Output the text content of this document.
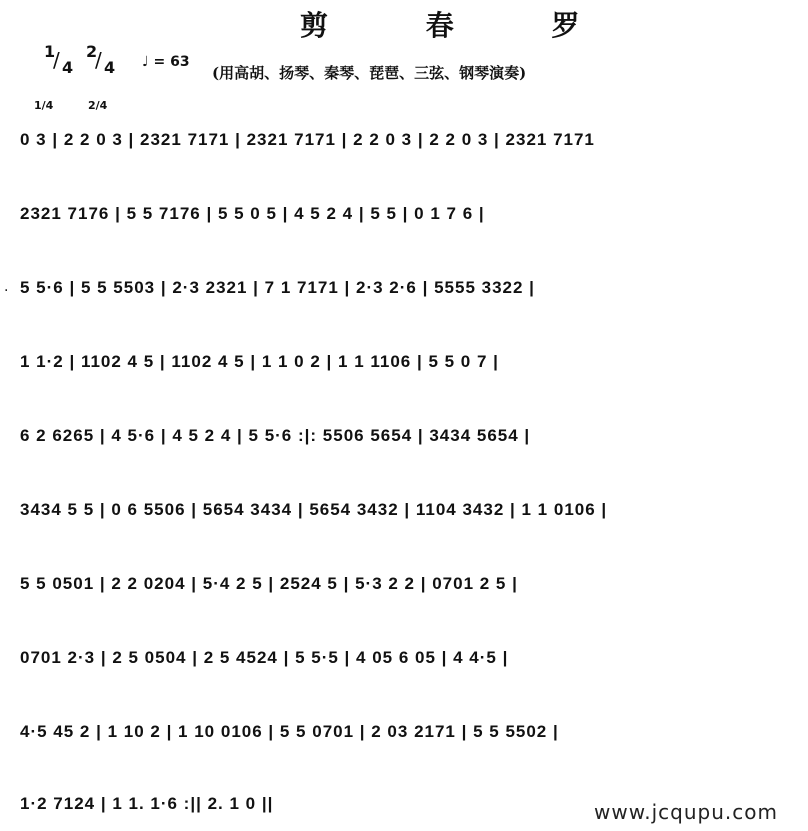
剪 春 罗
1
/ 4
2
/ 4 ♩ = 63
(用高胡、扬琴、秦琴、琵琶、三弦、钢琴演奏)
1/4	2/4
·
0 3 | 2 2 0 3 | 2321 7171 | 2321 7171 | 2 2 0 3 | 2 2 0 3 | 2321 7171
2321 7176 | 5 5 7176 | 5 5 0 5 | 4 5 2 4 | 5 5 | 0 1 7 6 |
5 5·6 | 5 5 5503 | 2·3 2321 | 7 1 7171 | 2·3 2·6 | 5555 3322 |
1 1·2 | 1102 4 5 | 1102 4 5 | 1 1 0 2 | 1 1 1106 | 5 5 0 7 |
6 2 6265 | 4 5·6 | 4 5 2 4 | 5 5·6 :|: 5506 5654 | 3434 5654 |
3434 5 5 | 0 6 5506 | 5654 3434 | 5654 3432 | 1104 3432 | 1 1 0106 |
5 5 0501 | 2 2 0204 | 5·4 2 5 | 2524 5 | 5·3 2 2 | 0701 2 5 |
0701 2·3 | 2 5 0504 | 2 5 4524 | 5 5·5 | 4 05 6 05 | 4 4·5 |
4·5 45 2 | 1 10 2 | 1 10 0106 | 5 5 0701 | 2 03 2171 | 5 5 5502 |
1·2 7124 | 1 1. 1·6 :|| 2. 1 0 ||	www.jcqupu.com
